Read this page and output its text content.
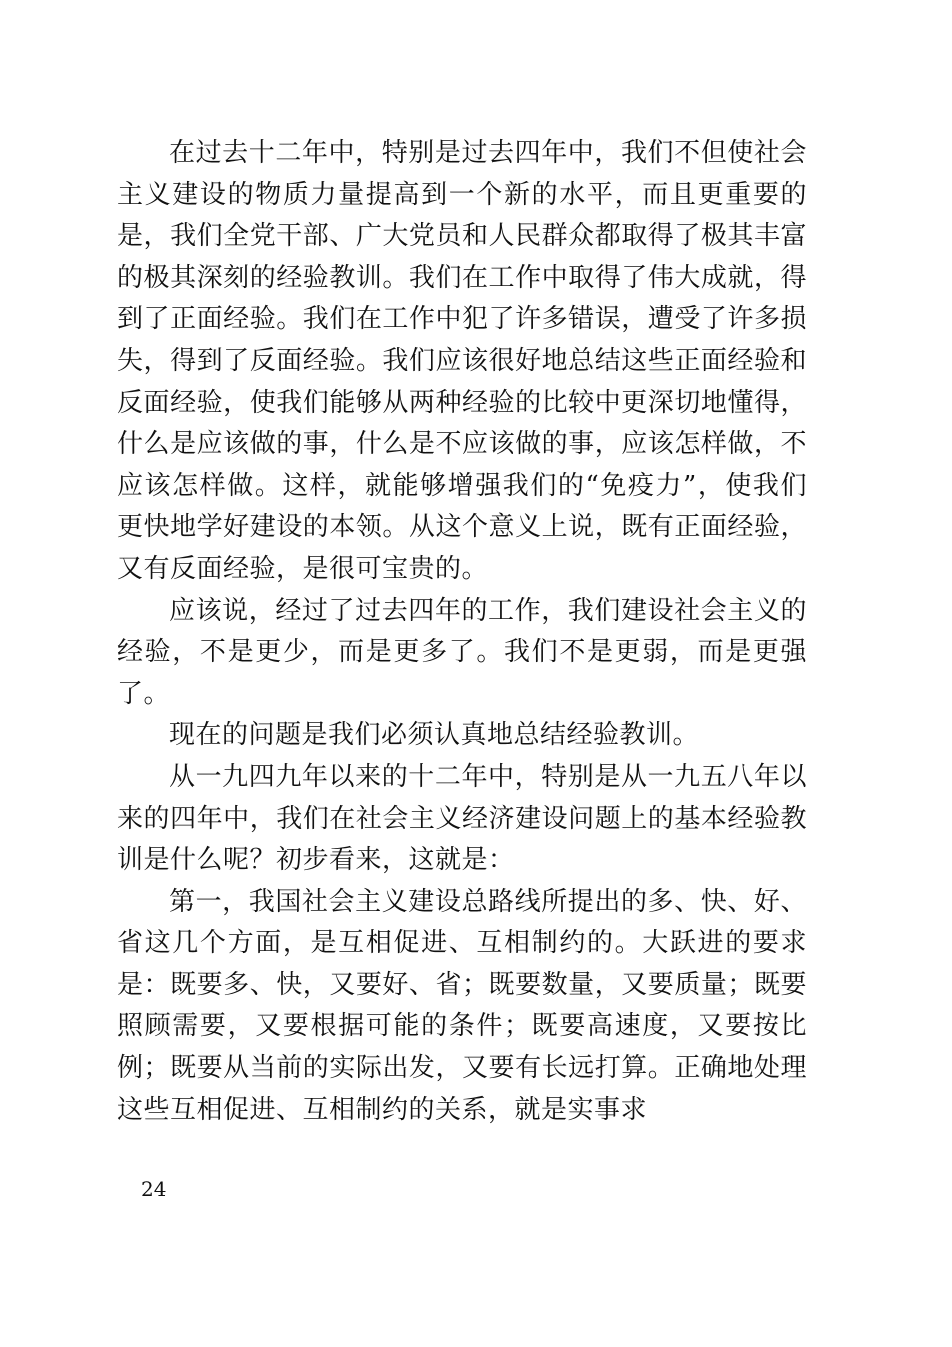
在过去十二年中，特别是过去四年中，我们不但使社会主义建设的物质力量提高到一个新的水平，而且更重要的是，我们全党干部、广大党员和人民群众都取得了极其丰富的极其深刻的经验教训。我们在工作中取得了伟大成就，得到了正面经验。我们在工作中犯了许多错误，遭受了许多损失，得到了反面经验。我们应该很好地总结这些正面经验和反面经验，使我们能够从两种经验的比较中更深切地懂得，什么是应该做的事，什么是不应该做的事，应该怎样做，不应该怎样做。这样，就能够增强我们的“免疫力”，使我们更快地学好建设的本领。从这个意义上说，既有正面经验，又有反面经验，是很可宝贵的。

应该说，经过了过去四年的工作，我们建设社会主义的经验，不是更少，而是更多了。我们不是更弱，而是更强了。

现在的问题是我们必须认真地总结经验教训。

从一九四九年以来的十二年中，特别是从一九五八年以来的四年中，我们在社会主义经济建设问题上的基本经验教训是什么呢？初步看来，这就是：

第一，我国社会主义建设总路线所提出的多、快、好、省这几个方面，是互相促进、互相制约的。大跃进的要求是：既要多、快，又要好、省；既要数量，又要质量；既要照顾需要，又要根据可能的条件；既要高速度，又要按比例；既要从当前的实际出发，又要有长远打算。正确地处理这些互相促进、互相制约的关系，就是实事求

24
